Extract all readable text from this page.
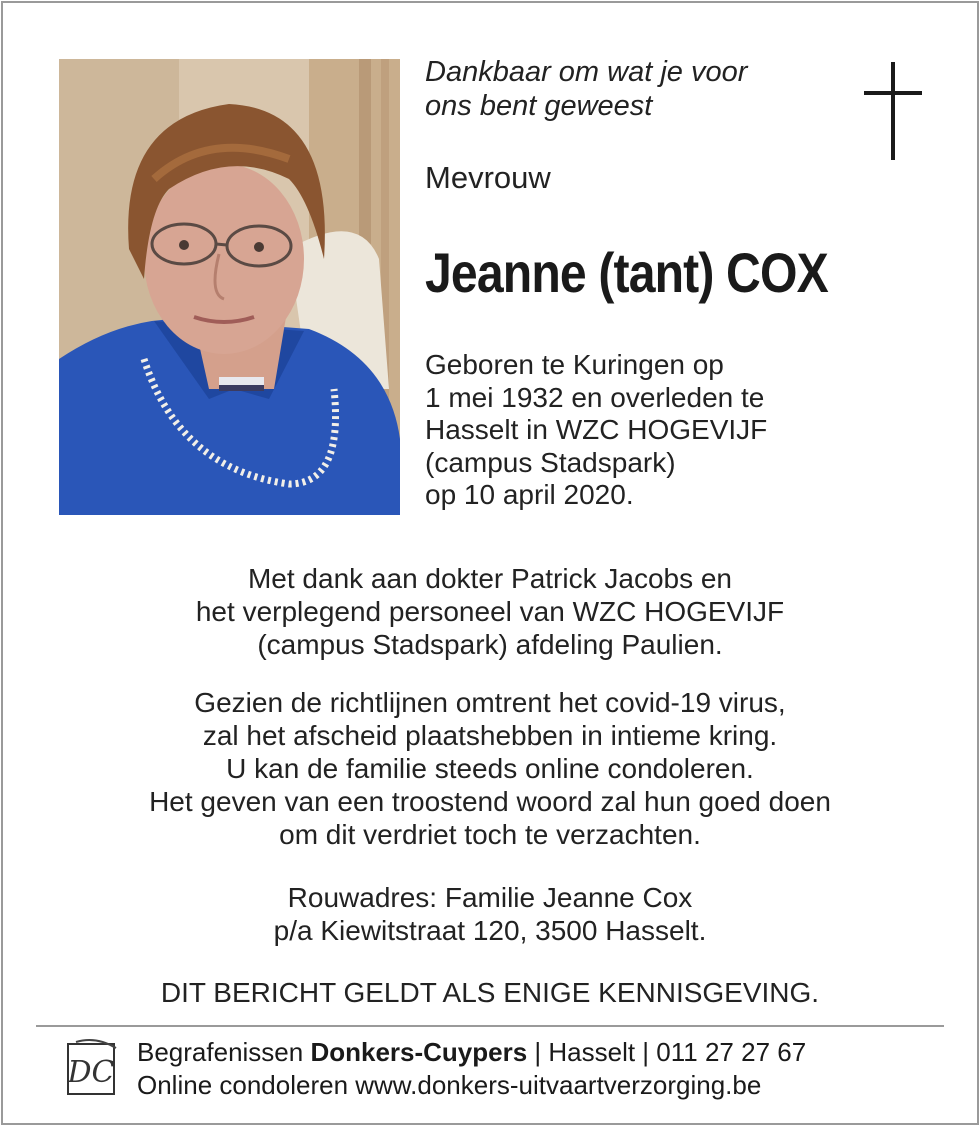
Dankbaar om wat je voor
ons bent geweest
Mevrouw
Jeanne (tant) COX
Geboren te Kuringen op
1 mei 1932 en overleden te
Hasselt in WZC HOGEVIJF
(campus Stadspark)
op 10 april 2020.
Met dank aan dokter Patrick Jacobs en
het verplegend personeel van WZC HOGEVIJF
(campus Stadspark) afdeling Paulien.
Gezien de richtlijnen omtrent het covid-19 virus,
zal het afscheid plaatshebben in intieme kring.
U kan de familie steeds online condoleren.
Het geven van een troostend woord zal hun goed doen
om dit verdriet toch te verzachten.
Rouwadres: Familie Jeanne Cox
p/a Kiewitstraat 120, 3500 Hasselt.
DIT BERICHT GELDT ALS ENIGE KENNISGEVING.
DC
Begrafenissen Donkers-Cuypers | Hasselt | 011 27 27 67
Online condoleren www.donkers-uitvaartverzorging.be
